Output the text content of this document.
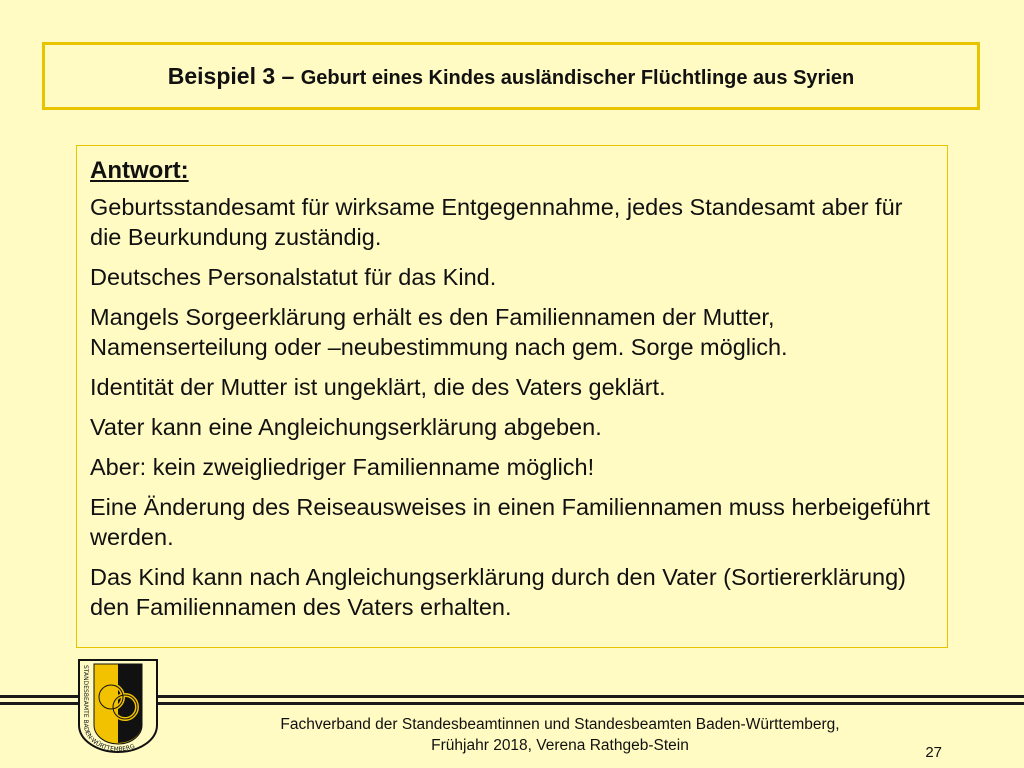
Beispiel 3 – Geburt eines Kindes ausländischer Flüchtlinge aus Syrien
Antwort:

Geburtsstandesamt für wirksame Entgegennahme, jedes Standesamt aber für die Beurkundung zuständig.

Deutsches Personalstatut für das Kind.

Mangels Sorgeerklärung erhält es den Familiennamen der Mutter, Namenserteilung oder –neubestimmung nach gem. Sorge möglich.

Identität der Mutter ist ungeklärt, die des Vaters geklärt.

Vater kann eine Angleichungserklärung abgeben.

Aber: kein zweigliedriger Familienname möglich!

Eine Änderung des Reiseausweises in einen Familiennamen muss herbeigeführt werden.

Das Kind kann nach Angleichungserklärung durch den Vater (Sortiererklärung) den Familiennamen des Vaters erhalten.

STANDESBEAMTE BADEN-WÜRTTEMBERG
Fachverband der Standesbeamtinnen und Standesbeamten Baden-Württemberg,
Frühjahr 2018, Verena Rathgeb-Stein	27
